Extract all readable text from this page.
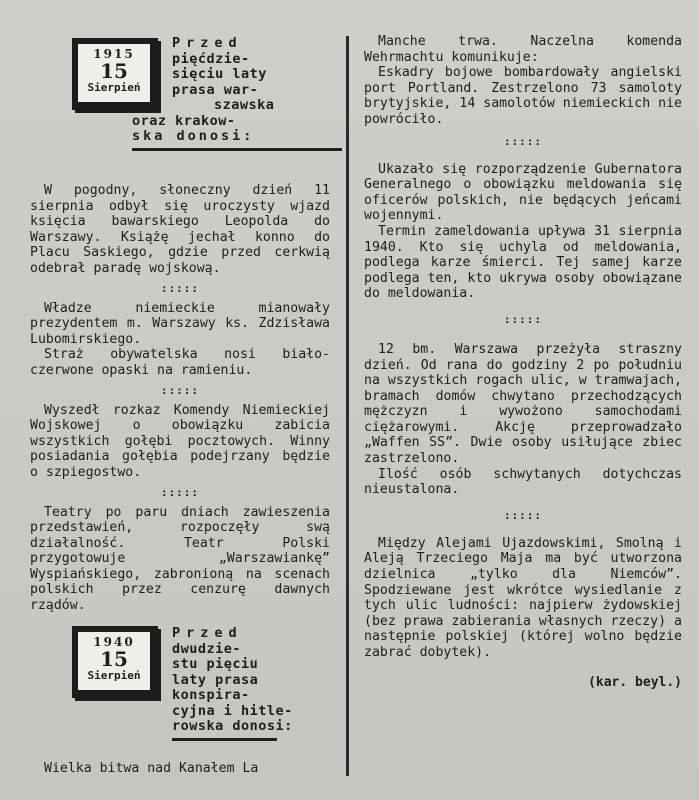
1915
15
Sierpień
Przed
pięćdzie-
sięciu laty
prasa war-
szawska
oraz krakow-
ska donosi:

W pogodny, słoneczny dzień 11 sierpnia odbył się uroczysty wjazd księcia bawarskiego Leopolda do Warszawy. Książę jechał konno do Placu Saskiego, gdzie przed cerkwią odebrał paradę wojskową.

:::::

Władze niemieckie mianowały prezydentem m. Warszawy ks. Zdzisława Lubomirskiego.

Straż obywatelska nosi biało-czerwone opaski na ramieniu.

:::::

Wyszedł rozkaz Komendy Niemieckiej Wojskowej o obowiązku zabicia wszystkich gołębi pocztowych. Winny posiadania gołębia podejrzany będzie o szpiegostwo.

:::::

Teatry po paru dniach zawieszenia przedstawień, rozpoczęły swą działalność. Teatr Polski przygotowuje „Warszawiankę” Wyspiańskiego, zabronioną na scenach polskich przez cenzurę dawnych rządów.

1940
15
Sierpień
Przed
dwudzie-
stu pięciu
laty prasa
konspira-
cyjna i hitle-
rowska donosi:

Wielka bitwa nad Kanałem La

Manche trwa. Naczelna komenda Wehrmachtu komunikuje:

Eskadry bojowe bombardowały angielski port Portland. Zestrzelono 73 samoloty brytyjskie, 14 samolotów niemieckich nie powróciło.

:::::

Ukazało się rozporządzenie Gubernatora Generalnego o obowiązku meldowania się oficerów polskich, nie będących jeńcami wojennymi.

Termin zameldowania upływa 31 sierpnia 1940. Kto się uchyla od meldowania, podlega karze śmierci. Tej samej karze podlega ten, kto ukrywa osoby obowiązane do meldowania.

:::::

12 bm. Warszawa przeżyła straszny dzień. Od rana do godziny 2 po południu na wszystkich rogach ulic, w tramwajach, bramach domów chwytano przechodzących mężczyzn i wywożono samochodami ciężarowymi. Akcję przeprowadzało „Waffen SS”. Dwie osoby usiłujące zbiec zastrzelono.

Ilość osób schwytanych dotychczas nieustalona.

:::::

Między Alejami Ujazdowskimi, Smolną i Aleją Trzeciego Maja ma być utworzona dzielnica „tylko dla Niemców”. Spodziewane jest wkrótce wysiedlanie z tych ulic ludności: najpierw żydowskiej (bez prawa zabierania własnych rzeczy) a następnie polskiej (której wolno będzie zabrać dobytek).

(kar. beyl.)
